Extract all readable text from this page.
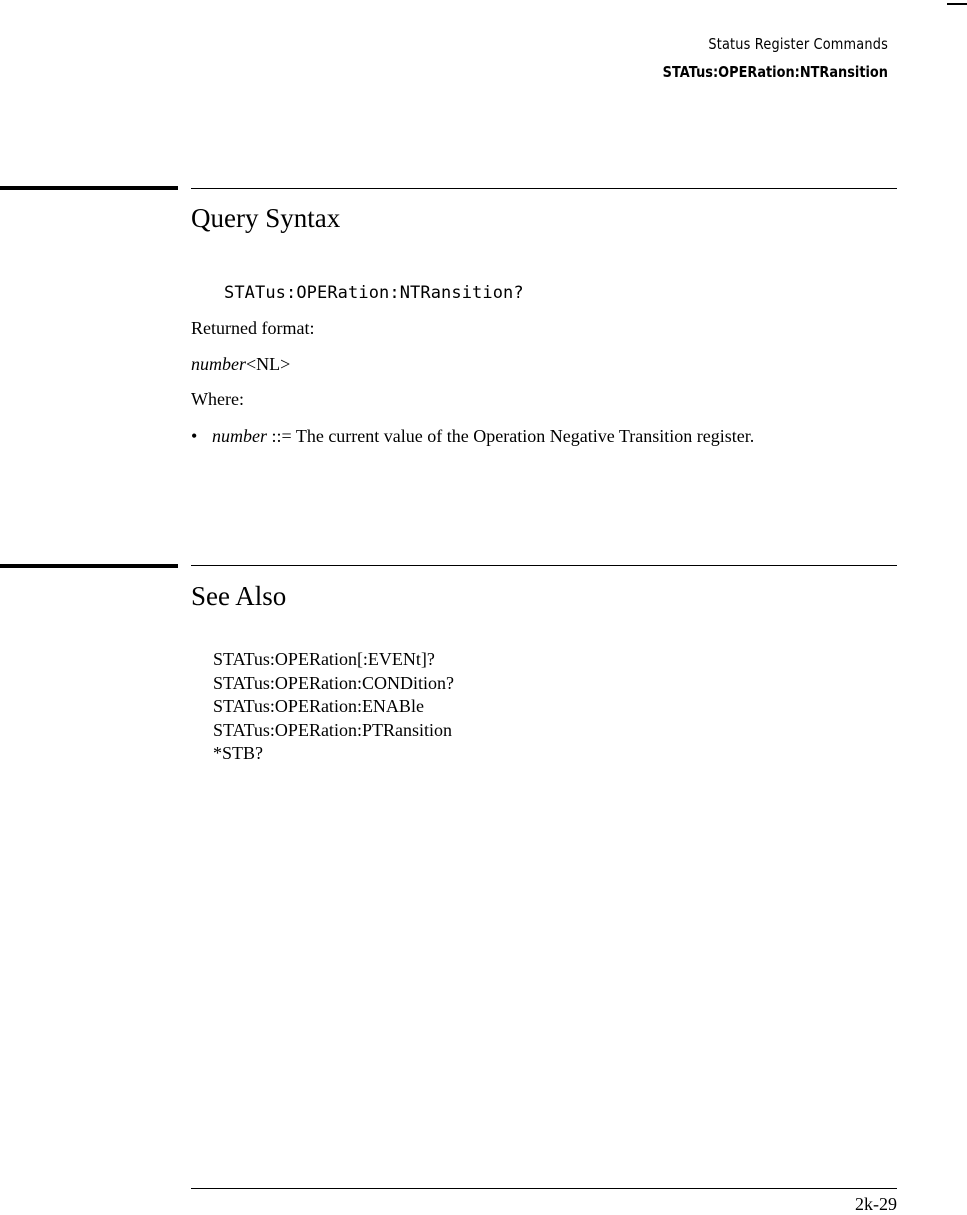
Status Register Commands
STATus:OPERation:NTRansition
Query Syntax
STATus:OPERation:NTRansition?
Returned format:
number<NL>
Where:
• number ::= The current value of the Operation Negative Transition register.
See Also
STATus:OPERation[:EVENt]?
STATus:OPERation:CONDition?
STATus:OPERation:ENABle
STATus:OPERation:PTRansition
*STB?
2k-29
